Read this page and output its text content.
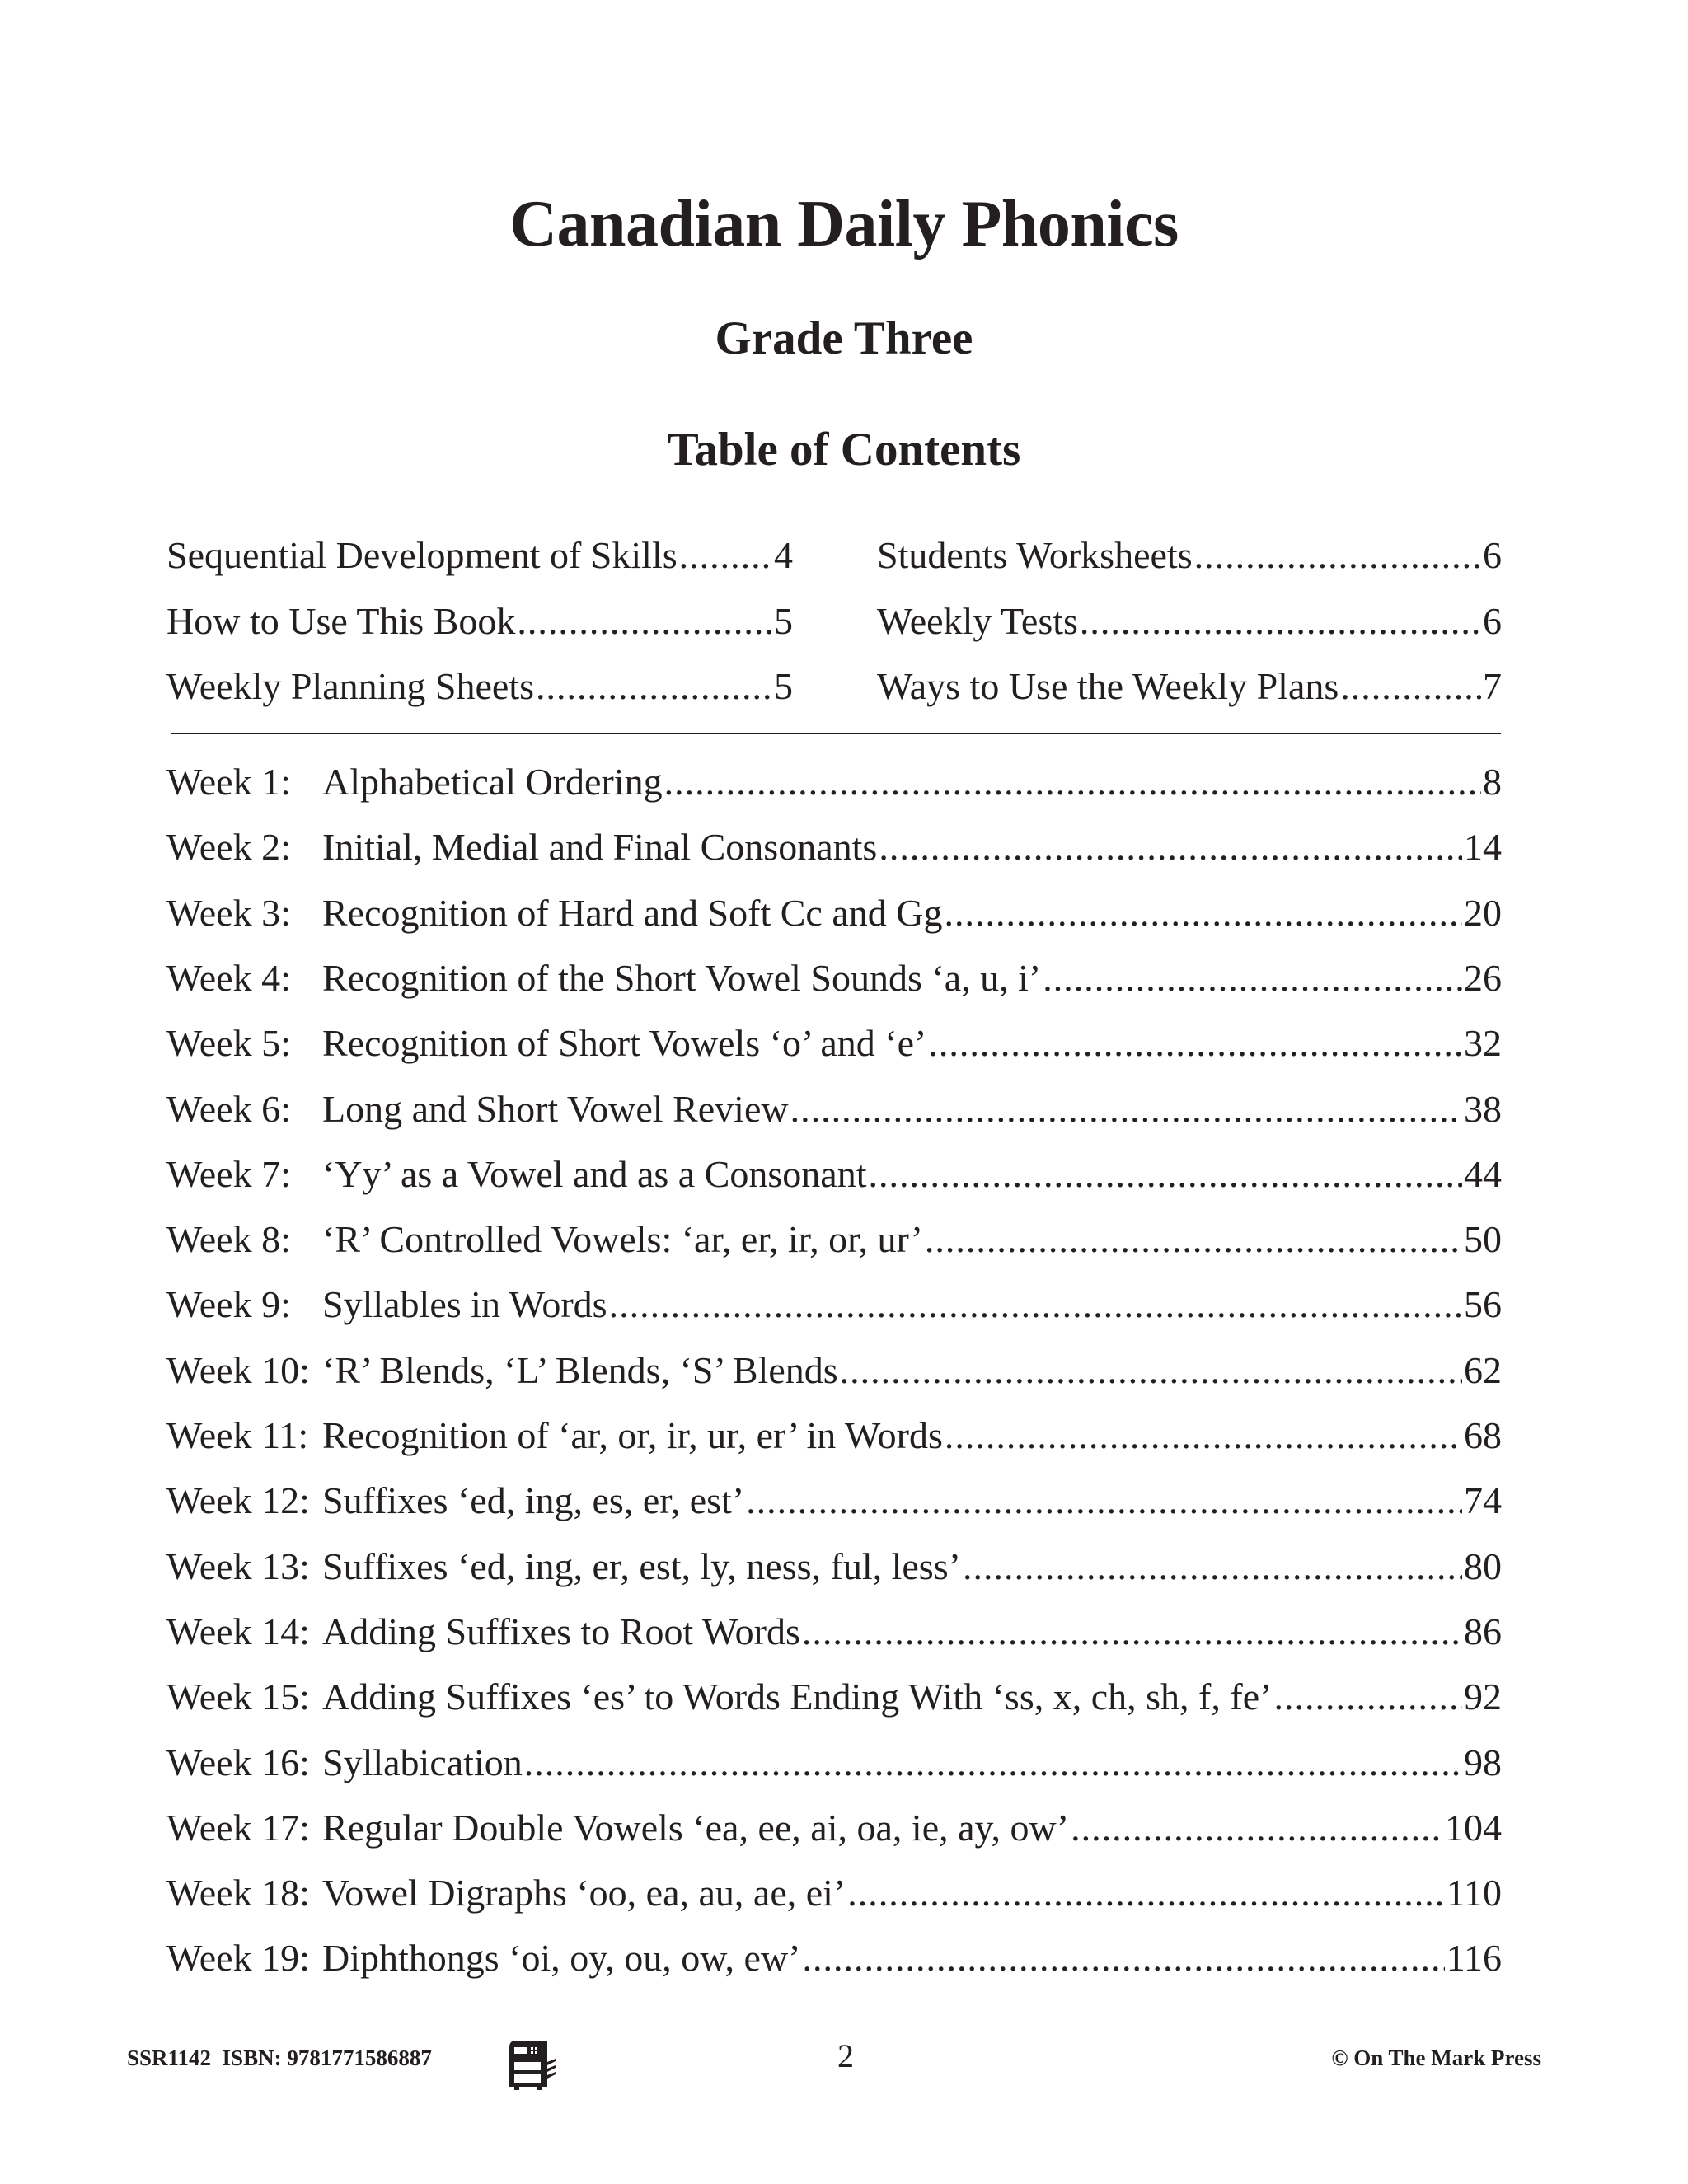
Canadian Daily Phonics
Grade Three
Table of Contents
Sequential Development of Skills .....	4
How to Use This Book .....	5
Weekly Planning Sheets .....	5
Students Worksheets .....	6
Weekly Tests .....	6
Ways to Use the Weekly Plans .....	7
Week 1: Alphabetical Ordering .....	8
Week 2: Initial, Medial and Final Consonants .....	14
Week 3: Recognition of Hard and Soft Cc and Gg .....	20
Week 4: Recognition of the Short Vowel Sounds ‘a, u, i’ .....	26
Week 5: Recognition of Short Vowels ‘o’ and ‘e’ .....	32
Week 6: Long and Short Vowel Review .....	38
Week 7: ‘Yy’ as a Vowel and as a Consonant .....	44
Week 8: ‘R’ Controlled Vowels: ‘ar, er, ir, or, ur’ .....	50
Week 9: Syllables in Words .....	56
Week 10: ‘R’ Blends, ‘L’ Blends, ‘S’ Blends .....	62
Week 11: Recognition of ‘ar, or, ir, ur, er’ in Words .....	68
Week 12: Suffixes ‘ed, ing, es, er, est’ .....	74
Week 13: Suffixes ‘ed, ing, er, est, ly, ness, ful, less’ .....	80
Week 14: Adding Suffixes to Root Words .....	86
Week 15: Adding Suffixes ‘es’ to Words Ending With ‘ss, x, ch, sh, f, fe’ .....	92
Week 16: Syllabication .....	98
Week 17: Regular Double Vowels ‘ea, ee, ai, oa, ie, ay, ow’ .....	104
Week 18: Vowel Digraphs ‘oo, ea, au, ae, ei’ .....	110
Week 19: Diphthongs ‘oi, oy, ou, ow, ew’ .....	116
SSR1142  ISBN: 9781771586887	2	© On The Mark Press
